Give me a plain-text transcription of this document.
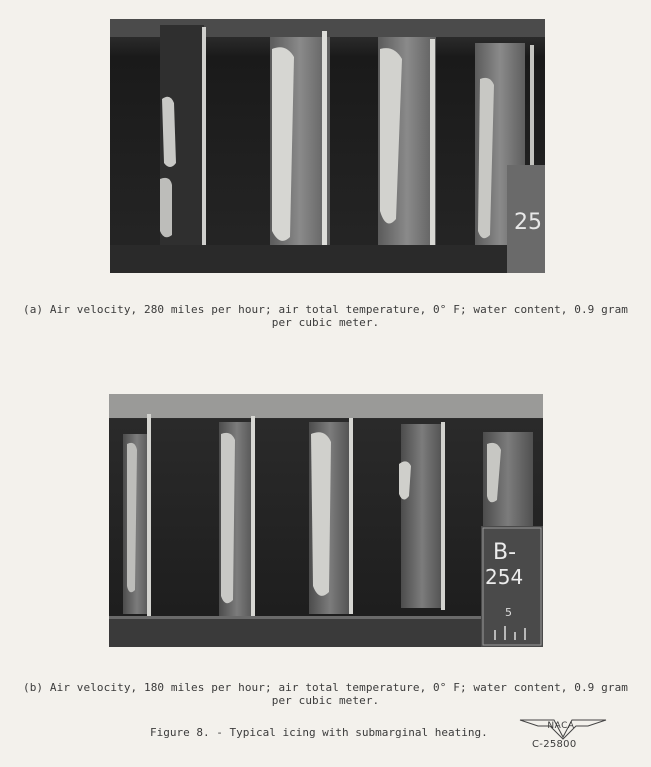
25
(a) Air velocity, 280 miles per hour; air total temperature, 0° F; water content, 0.9 gram
per cubic meter.
B-
254
5
(b) Air velocity, 180 miles per hour; air total temperature, 0° F; water content, 0.9 gram
per cubic meter.
Figure 8. - Typical icing with submarginal heating.	NACA
C-25800
